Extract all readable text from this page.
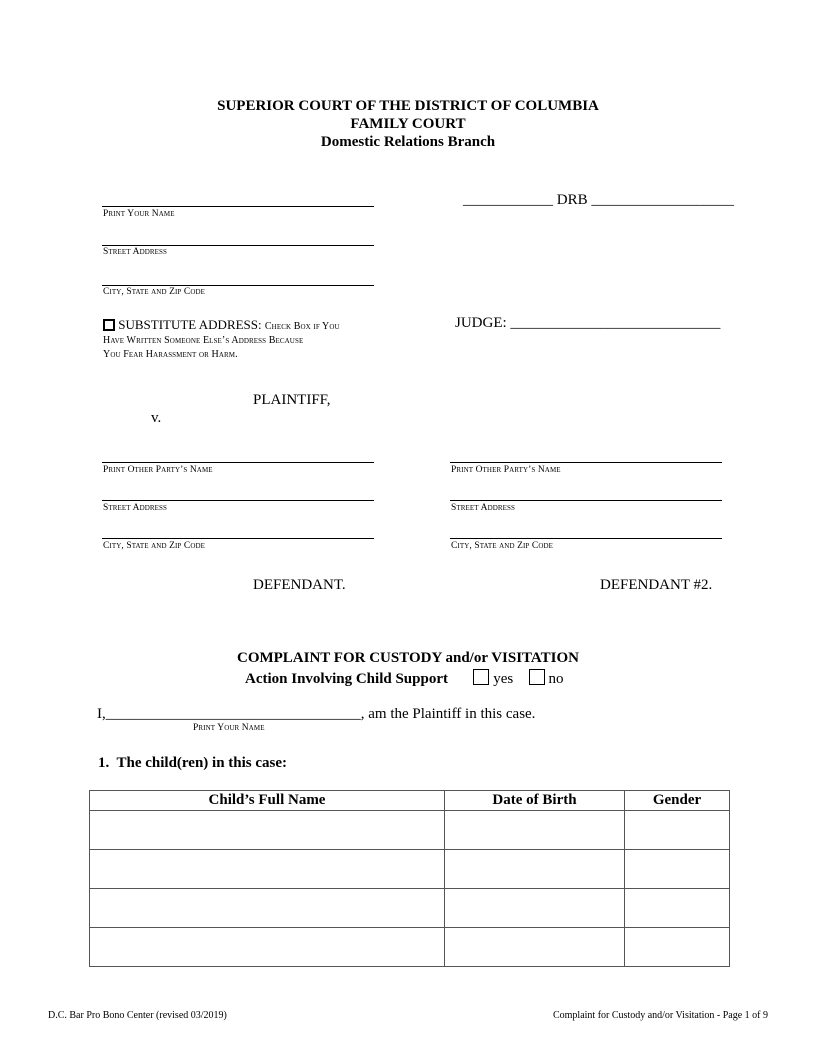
SUPERIOR COURT OF THE DISTRICT OF COLUMBIA
FAMILY COURT
Domestic Relations Branch
Print Your Name
Street Address
City, State and Zip Code
SUBSTITUTE ADDRESS: Check Box if You
Have Written Someone Else’s Address Because
You Fear Harassment or Harm.
____________ DRB ___________________
JUDGE: ____________________________
PLAINTIFF,
v.
Print Other Party’s Name
Street Address
City, State and Zip Code
Print Other Party’s Name
Street Address
City, State and Zip Code
DEFENDANT.	DEFENDANT #2.
COMPLAINT FOR CUSTODY and/or VISITATION
Action Involving Child Support	yes no
I,__________________________________, am the Plaintiff in this case.
Print Your Name
1.  The child(ren) in this case:
Child’s Full Name	Date of Birth	Gender

D.C. Bar Pro Bono Center (revised 03/2019)	Complaint for Custody and/or Visitation - Page 1 of 9
